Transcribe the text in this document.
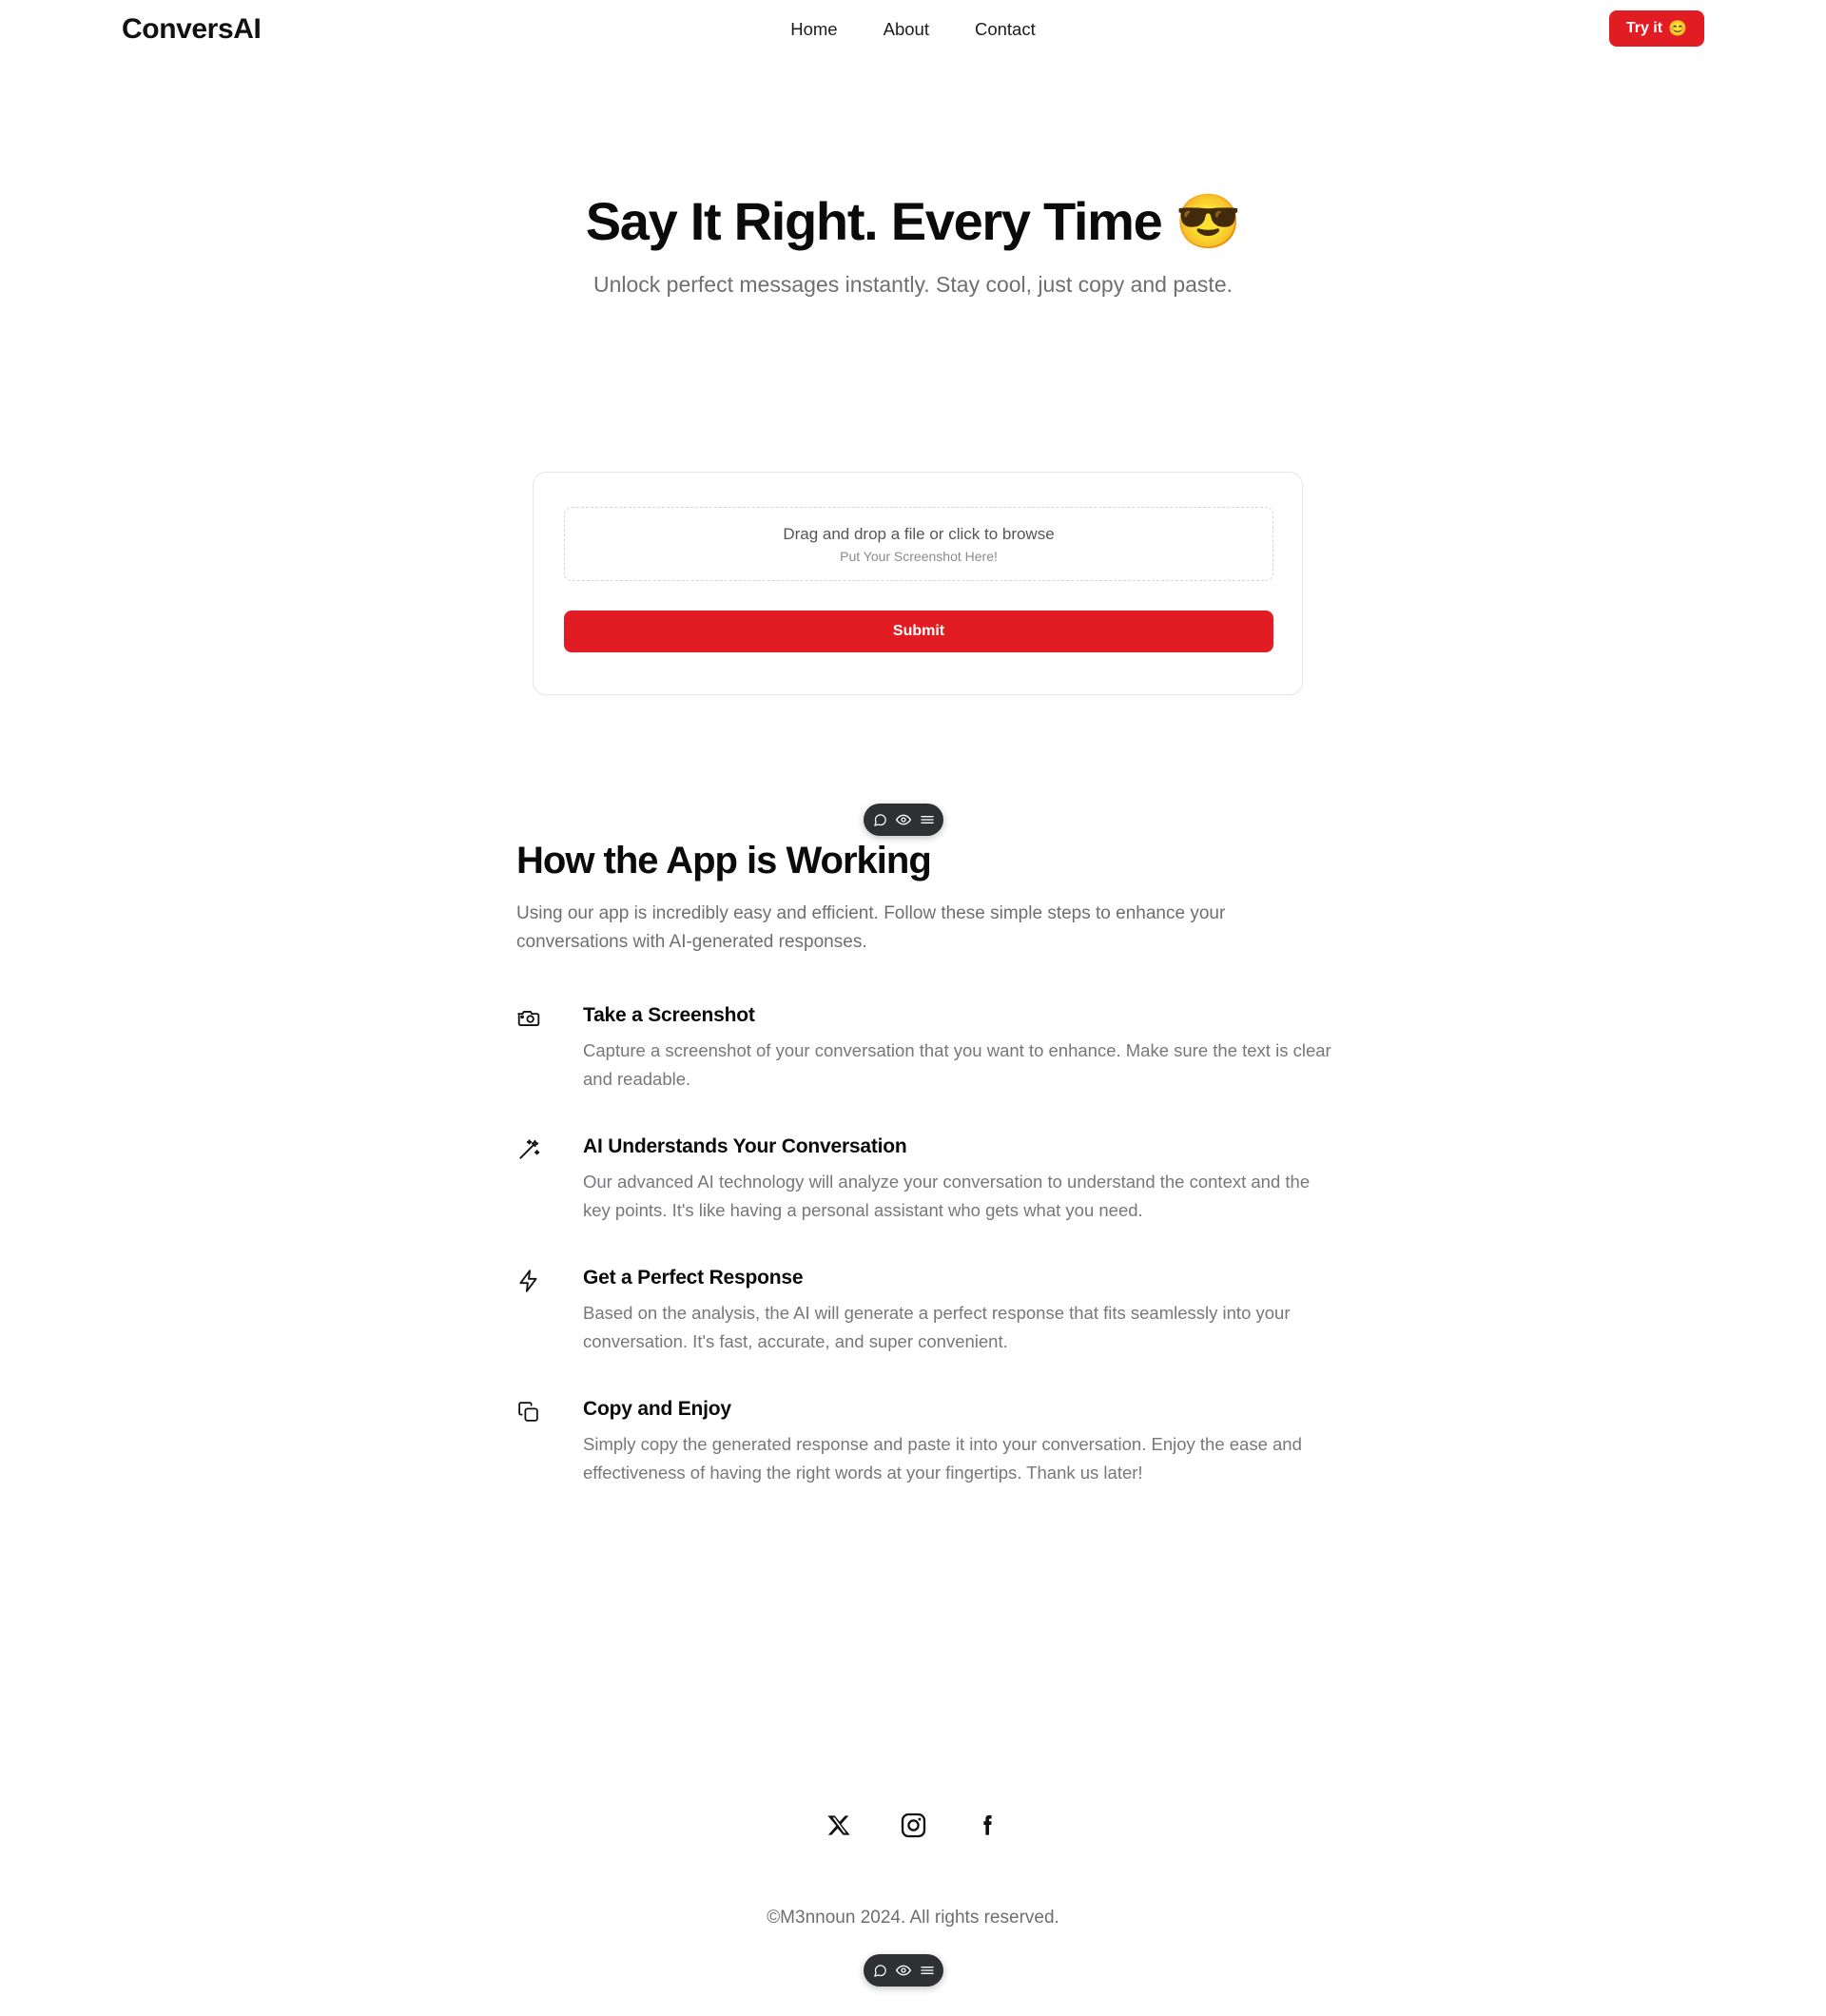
ConversAI	Home	About	Contact	Try it 😊
Say It Right. Every Time 😎

Unlock perfect messages instantly. Stay cool, just copy and paste.

Drag and drop a file or click to browse
Put Your Screenshot Here!
Submit
How the App is Working

Using our app is incredibly easy and efficient. Follow these simple steps to enhance your conversations with AI-generated responses.

Take a Screenshot
Capture a screenshot of your conversation that you want to enhance. Make sure the text is clear and readable.
AI Understands Your Conversation
Our advanced AI technology will analyze your conversation to understand the context and the key points. It's like having a personal assistant who gets what you need.
Get a Perfect Response
Based on the analysis, the AI will generate a perfect response that fits seamlessly into your conversation. It's fast, accurate, and super convenient.
Copy and Enjoy
Simply copy the generated response and paste it into your conversation. Enjoy the ease and effectiveness of having the right words at your fingertips. Thank us later!
©M3nnoun 2024. All rights reserved.
